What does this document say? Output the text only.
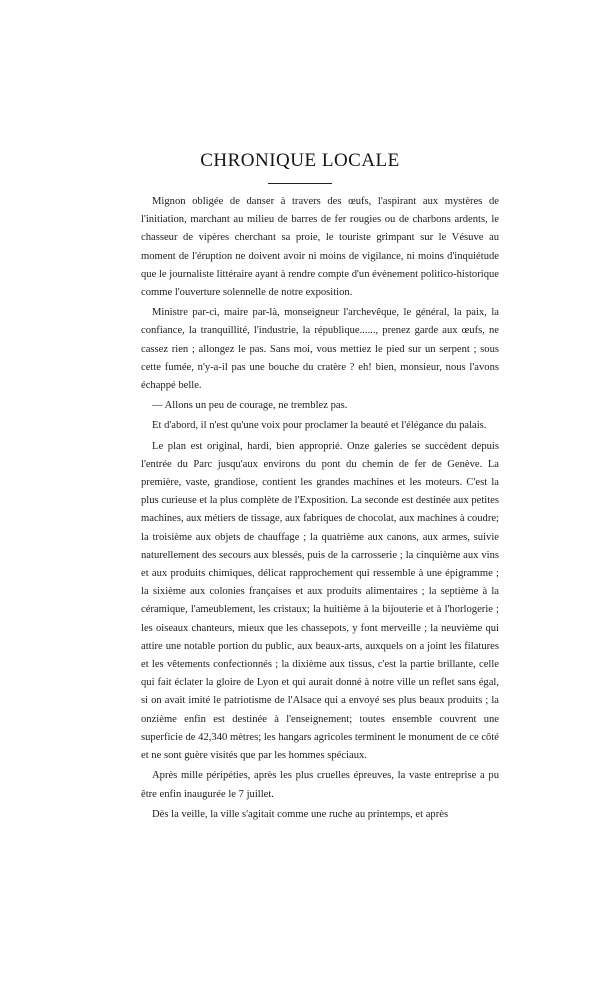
CHRONIQUE LOCALE

Mignon obligée de danser à travers des œufs, l'aspirant aux mystères de l'initiation, marchant au milieu de barres de fer rougies ou de charbons ardents, le chasseur de vipères cherchant sa proie, le touriste grimpant sur le Vésuve au moment de l'éruption ne doivent avoir ni moins de vigilance, ni moins d'inquiétude que le journaliste littéraire ayant à rendre compte d'un évènement politico-historique comme l'ouverture solennelle de notre exposition.

Ministre par-ci, maire par-là, monseigneur l'archevêque, le général, la paix, la confiance, la tranquillité, l'industrie, la république......, prenez garde aux œufs, ne cassez rien ; allongez le pas. Sans moi, vous mettiez le pied sur un serpent ; sous cette fumée, n'y-a-il pas une bouche du cratère ? eh! bien, monsieur, nous l'avons échappé belle.

— Allons un peu de courage, ne tremblez pas.

Et d'abord, il n'est qu'une voix pour proclamer la beauté et l'élégance du palais.

Le plan est original, hardi, bien approprié. Onze galeries se succèdent depuis l'entrée du Parc jusqu'aux environs du pont du chemin de fer de Genève. La première, vaste, grandiose, contient les grandes machines et les moteurs. C'est la plus curieuse et la plus complète de l'Exposition. La seconde est destinée aux petites machines, aux métiers de tissage, aux fabriques de chocolat, aux machines à coudre; la troisième aux objets de chauffage ; la quatrième aux canons, aux armes, suivie naturellement des secours aux blessés, puis de la carrosserie ; la cinquième aux vins et aux produits chimiques, délicat rapprochement qui ressemble à une épigramme ; la sixième aux colonies françaises et aux produits alimentaires ; la septième à la céramique, l'ameublement, les cristaux; la huitième à la bijouterie et à l'horlogerie ; les oiseaux chanteurs, mieux que les chassepots, y font merveille ; la neuvième qui attire une notable portion du public, aux beaux-arts, auxquels on a joint les filatures et les vêtements confectionnés ; la dixième aux tissus, c'est la partie brillante, celle qui fait éclater la gloire de Lyon et qui aurait donné à notre ville un reflet sans égal, si on avait imité le patriotisme de l'Alsace qui a envoyé ses plus beaux produits ; la onzième enfin est destinée à l'enseignement; toutes ensemble couvrent une superficie de 42,340 mètres; les hangars agricoles terminent le monument de ce côté et ne sont guère visités que par les hommes spéciaux.

Après mille péripéties, après les plus cruelles épreuves, la vaste entreprise a pu être enfin inaugurée le 7 juillet.

Dès la veille, la ville s'agitait comme une ruche au printemps, et après
